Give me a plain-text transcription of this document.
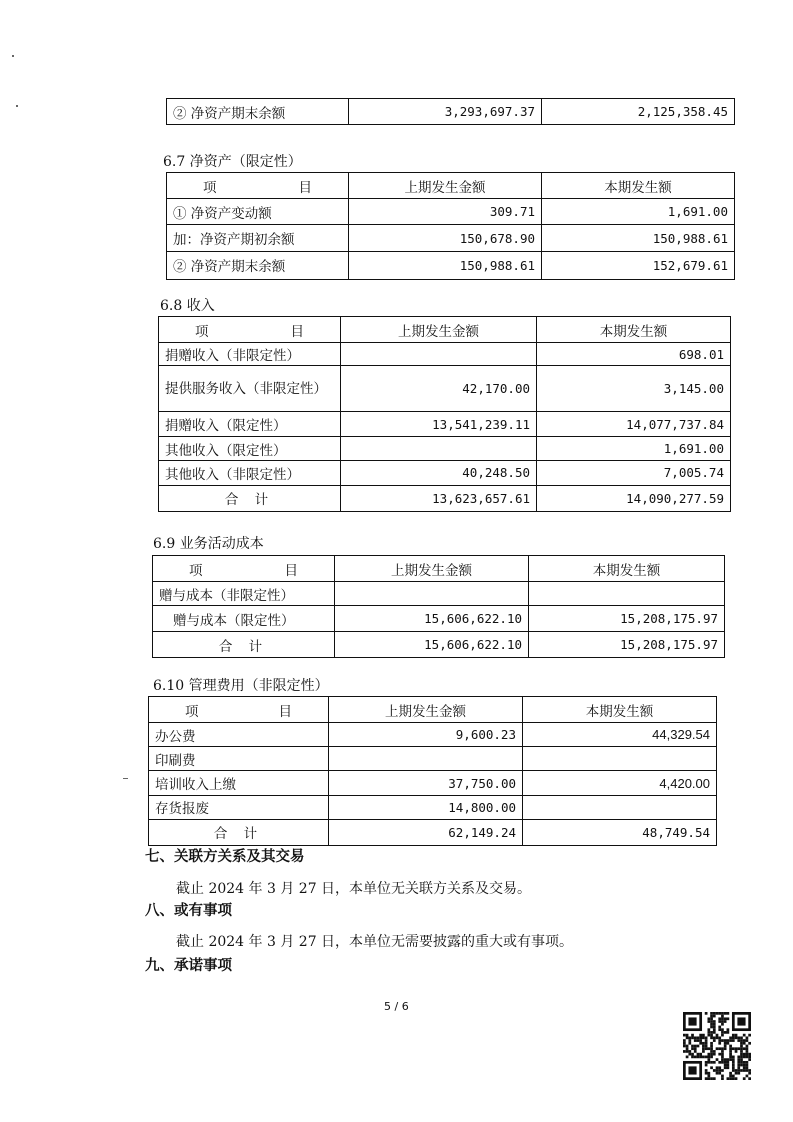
② 净资产期末余额	3,293,697.37	2,125,358.45
6.7 净资产（限定性）
项 目	上期发生金额	本期发生额
① 净资产变动额	309.71	1,691.00
加：净资产期初余额	150,678.90	150,988.61
② 净资产期末余额	150,988.61	152,679.61
6.8 收入
项 目	上期发生金额	本期发生额
捐赠收入（非限定性）		698.01
提供服务收入（非限定性）	42,170.00	3,145.00
捐赠收入（限定性）	13,541,239.11	14,077,737.84
其他收入（限定性）		1,691.00
其他收入（非限定性）	40,248.50	7,005.74
合 计	13,623,657.61	14,090,277.59
6.9 业务活动成本
项 目	上期发生金额	本期发生额
赠与成本（非限定性）		
赠与成本（限定性）	15,606,622.10	15,208,175.97
合 计	15,606,622.10	15,208,175.97
6.10 管理费用（非限定性）
项 目	上期发生金额	本期发生额
办公费	9,600.23	44,329.54
印刷费		
培训收入上缴	37,750.00	4,420.00
存货报废	14,800.00	
合 计	62,149.24	48,749.54
七、关联方关系及其交易
截止 2024 年 3 月 27 日，本单位无关联方关系及交易。
八、或有事项
截止 2024 年 3 月 27 日，本单位无需要披露的重大或有事项。
九、承诺事项
5 / 6
